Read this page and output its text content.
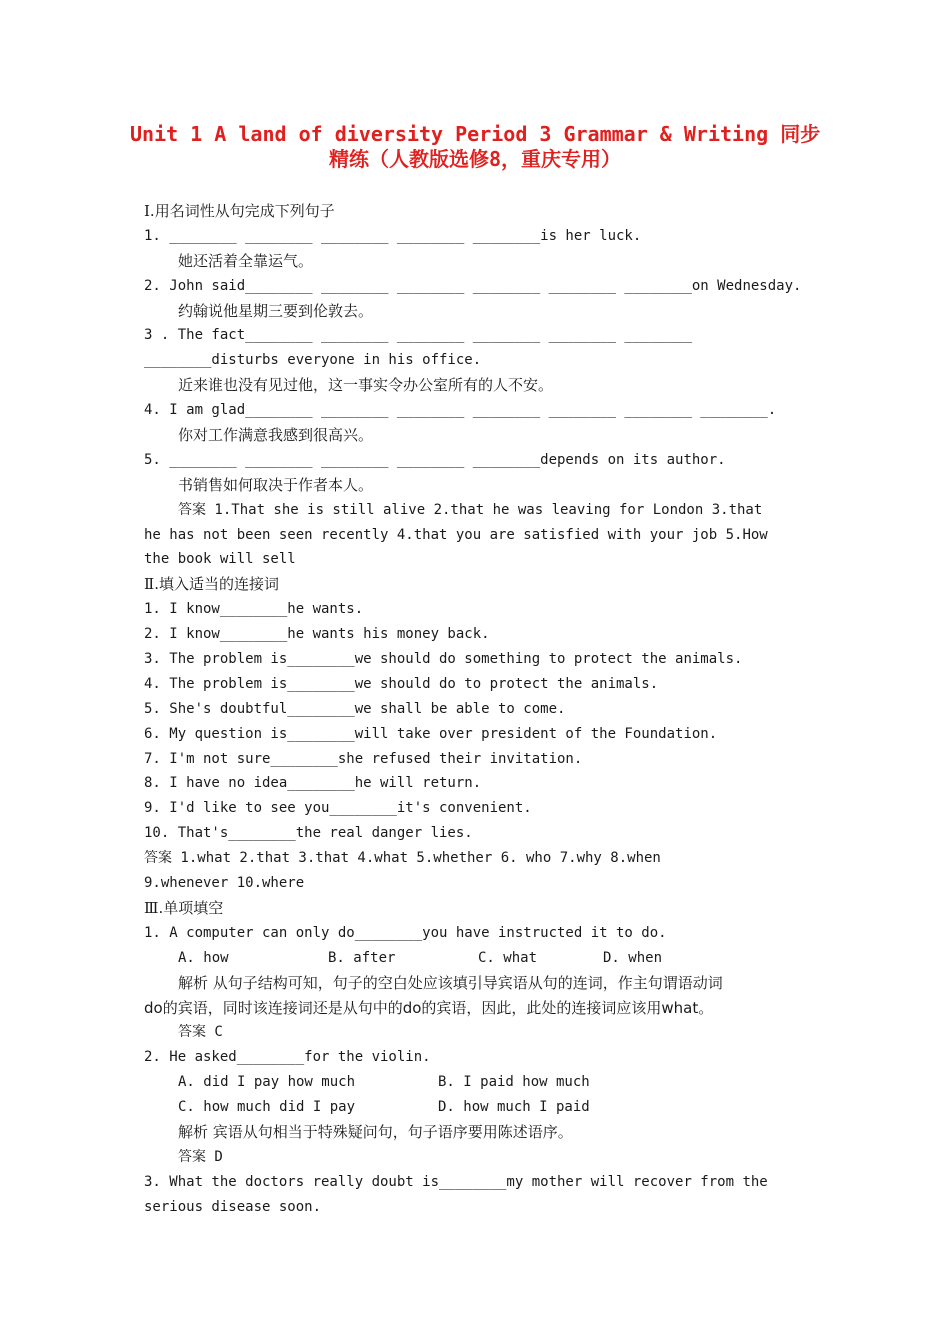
Unit 1 A land of diversity Period 3 Grammar & Writing 同步
精练（人教版选修8，重庆专用）
Ⅰ.用名词性从句完成下列句子
1. ________ ________ ________ ________ ________is her luck.
她还活着全靠运气。
2. John said________ ________ ________ ________ ________ ________on Wednesday.
约翰说他星期三要到伦敦去。
3 . The fact________ ________ ________ ________ ________ ________
________disturbs everyone in his office.
近来谁也没有见过他，这一事实令办公室所有的人不安。
4. I am glad________ ________ ________ ________ ________ ________ ________.
你对工作满意我感到很高兴。
5. ________ ________ ________ ________ ________depends on its author.
书销售如何取决于作者本人。
答案 1.That she is still alive 2.that he was leaving for London 3.that
he has not been seen recently 4.that you are satisfied with your job 5.How
the book will sell
Ⅱ.填入适当的连接词
1. I know________he wants.
2. I know________he wants his money back.
3. The problem is________we should do something to protect the animals.
4. The problem is________we should do to protect the animals.
5. She's doubtful________we shall be able to come.
6. My question is________will take over president of the Foundation.
7. I'm not sure________she refused their invitation.
8. I have no idea________he will return.
9. I'd like to see you________it's convenient.
10. That's________the real danger lies.
答案 1.what 2.that 3.that 4.what 5.whether 6. who 7.why 8.when
9.whenever 10.where
Ⅲ.单项填空
1. A computer can only do________you have instructed it to do.
A. how	B. after	C. what	D. when
解析 从句子结构可知，句子的空白处应该填引导宾语从句的连词，作主句谓语动词
do的宾语，同时该连接词还是从句中的do的宾语，因此，此处的连接词应该用what。
答案 C
2. He asked________for the violin.
A. did I pay how much	B. I paid how much
C. how much did I pay	D. how much I paid
解析 宾语从句相当于特殊疑问句，句子语序要用陈述语序。
答案 D
3. What the doctors really doubt is________my mother will recover from the
serious disease soon.
